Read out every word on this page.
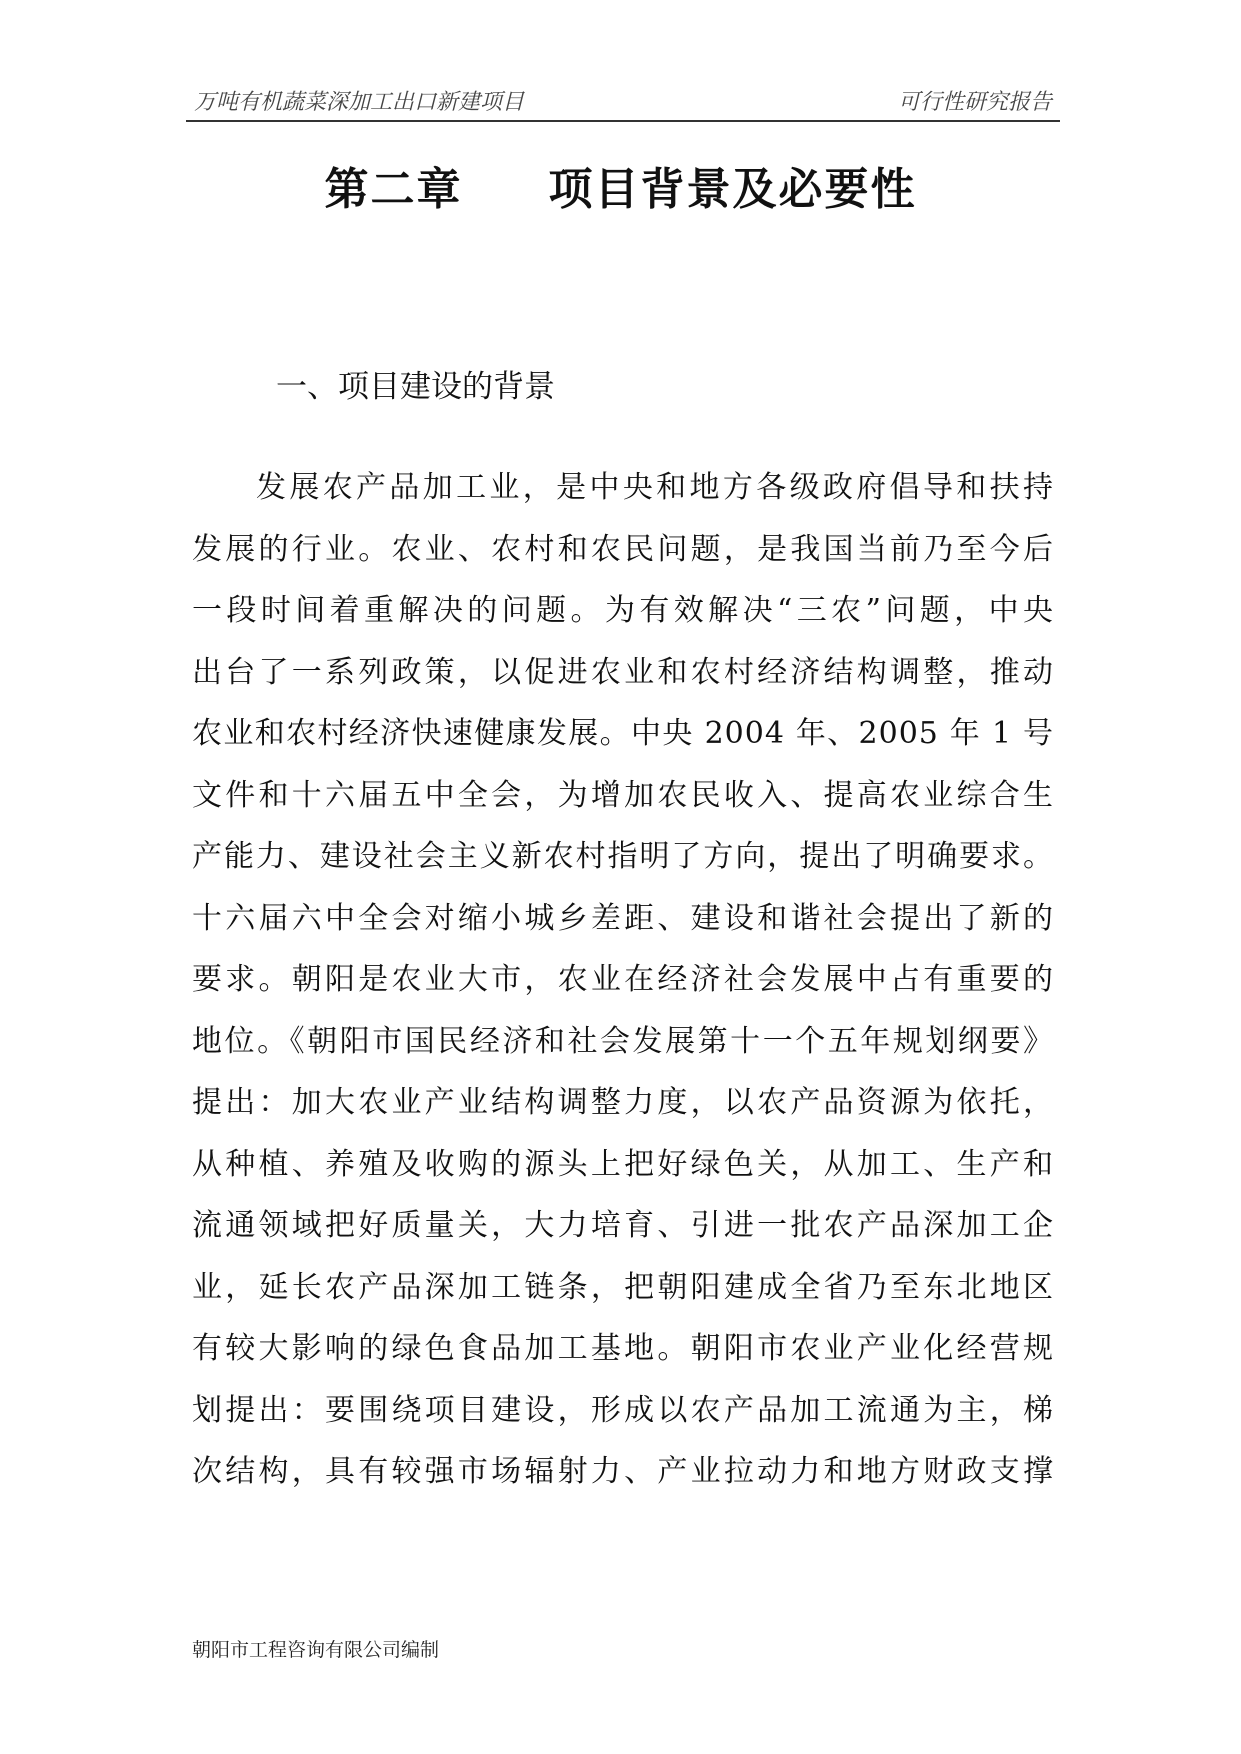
万吨有机蔬菜深加工出口新建项目	可行性研究报告
第二章 项目背景及必要性
一、项目建设的背景
发展农产品加工业，是中央和地方各级政府倡导和扶持
发展的行业。农业、农村和农民问题，是我国当前乃至今后
一段时间着重解决的问题。为有效解决“三农”问题，中央
出台了一系列政策，以促进农业和农村经济结构调整，推动
农业和农村经济快速健康发展。中央 2004 年、2005 年 1 号
文件和十六届五中全会，为增加农民收入、提高农业综合生
产能力、建设社会主义新农村指明了方向，提出了明确要求。
十六届六中全会对缩小城乡差距、建设和谐社会提出了新的
要求。朝阳是农业大市，农业在经济社会发展中占有重要的
地位。《朝阳市国民经济和社会发展第十一个五年规划纲要》
提出：加大农业产业结构调整力度，以农产品资源为依托，
从种植、养殖及收购的源头上把好绿色关，从加工、生产和
流通领域把好质量关，大力培育、引进一批农产品深加工企
业，延长农产品深加工链条，把朝阳建成全省乃至东北地区
有较大影响的绿色食品加工基地。朝阳市农业产业化经营规
划提出：要围绕项目建设，形成以农产品加工流通为主，梯
次结构，具有较强市场辐射力、产业拉动力和地方财政支撑
朝阳市工程咨询有限公司编制
